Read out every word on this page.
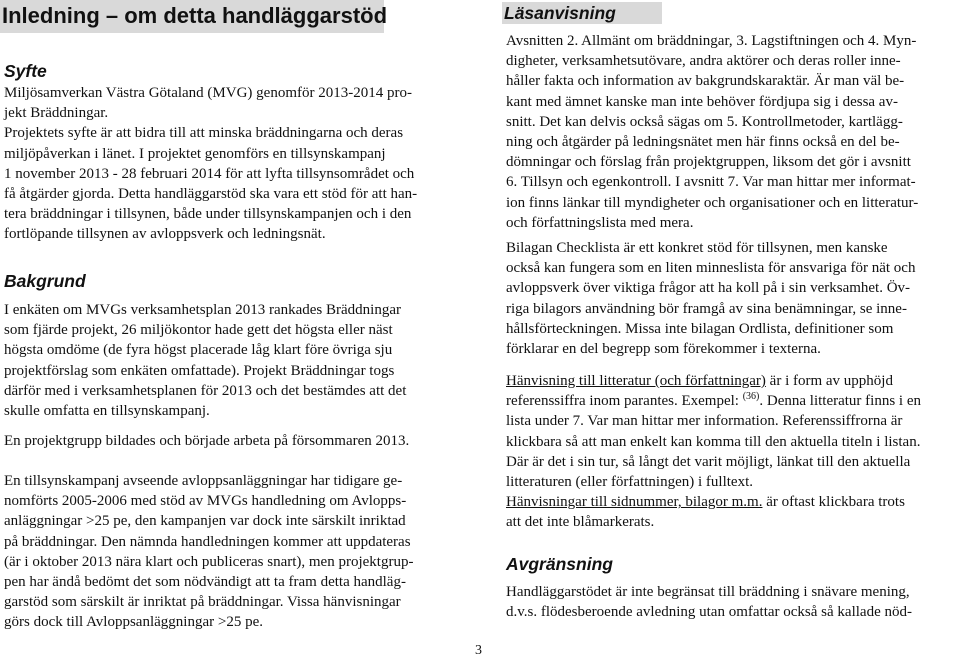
Inledning – om detta handläggarstöd
Syfte
Miljösamverkan Västra Götaland (MVG) genomför 2013-2014 pro-
jekt Bräddningar.
Projektets syfte är att bidra till att minska bräddningarna och deras
miljöpåverkan i länet. I projektet genomförs en tillsynskampanj
1 november 2013 - 28 februari 2014 för att lyfta tillsynsområdet och
få åtgärder gjorda. Detta handläggarstöd ska vara ett stöd för att han-
tera bräddningar i tillsynen, både under tillsynskampanjen och i den
fortlöpande tillsynen av avloppsverk och ledningsnät.
Bakgrund
I enkäten om MVGs verksamhetsplan 2013 rankades Bräddningar
som fjärde projekt, 26 miljökontor hade gett det högsta eller näst
högsta omdöme (de fyra högst placerade låg klart före övriga sju
projektförslag som enkäten omfattade). Projekt Bräddningar togs
därför med i verksamhetsplanen för 2013 och det bestämdes att det
skulle omfatta en tillsynskampanj.
En projektgrupp bildades och började arbeta på försommaren 2013.
En tillsynskampanj avseende avloppsanläggningar har tidigare ge-
nomförts 2005-2006 med stöd av MVGs handledning om Avlopps-
anläggningar >25 pe, den kampanjen var dock inte särskilt inriktad
på bräddningar. Den nämnda handledningen kommer att uppdateras
(är i oktober 2013 nära klart och publiceras snart), men projektgrup-
pen har ändå bedömt det som nödvändigt att ta fram detta handläg-
garstöd som särskilt är inriktat på bräddningar. Vissa hänvisningar
görs dock till Avloppsanläggningar >25 pe.
Läsanvisning
Avsnitten 2. Allmänt om bräddningar, 3. Lagstiftningen och 4. Myn-
digheter, verksamhetsutövare, andra aktörer och deras roller inne-
håller fakta och information av bakgrundskaraktär. Är man väl be-
kant med ämnet kanske man inte behöver fördjupa sig i dessa av-
snitt. Det kan delvis också sägas om 5. Kontrollmetoder, kartlägg-
ning och åtgärder på ledningsnätet men här finns också en del be-
dömningar och förslag från projektgruppen, liksom det gör i avsnitt
6. Tillsyn och egenkontroll. I avsnitt 7. Var man hittar mer informat-
ion finns länkar till myndigheter och organisationer och en litteratur-
och författningslista med mera.
Bilagan Checklista är ett konkret stöd för tillsynen, men kanske
också kan fungera som en liten minneslista för ansvariga för nät och
avloppsverk över viktiga frågor att ha koll på i sin verksamhet. Öv-
riga bilagors användning bör framgå av sina benämningar, se inne-
hållsförteckningen. Missa inte bilagan Ordlista, definitioner som
förklarar en del begrepp som förekommer i texterna.
Hänvisning till litteratur (och författningar) är i form av upphöjd
referenssiffra inom parantes. Exempel: $^{(36)}$. Denna litteratur finns i en
lista under 7. Var man hittar mer information. Referenssiffrorna är
klickbara så att man enkelt kan komma till den aktuella titeln i listan.
Där är det i sin tur, så långt det varit möjligt, länkat till den aktuella
litteraturen (eller författningen) i fulltext.
Hänvisningar till sidnummer, bilagor m.m. är oftast klickbara trots
att det inte blåmarkerats.
Avgränsning
Handläggarstödet är inte begränsat till bräddning i snävare mening,
d.v.s. flödesberoende avledning utan omfattar också så kallade nöd-
3
